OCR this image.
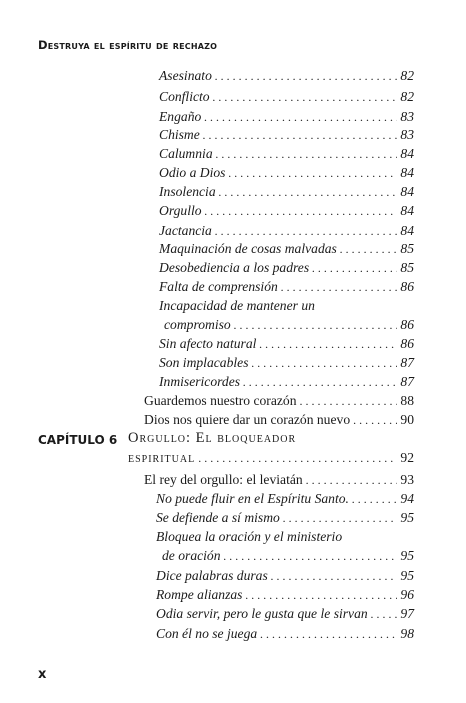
Destruya el espíritu de rechazo
Asesinato . . .	82
Conflicto . . .	82
Engaño . . .	83
Chisme . . .	83
Calumnia . . .	84
Odio a Dios . . .	84
Insolencia . . .	84
Orgullo . . .	84
Jactancia . . .	84
Maquinación de cosas malvadas . . .	85
Desobediencia a los padres . . .	85
Falta de comprensión . . .	86
Incapacidad de mantener un
compromiso . . .	86
Sin afecto natural . . .	86
Son implacables . . .	87
Inmisericordes . . .	87
Guardemos nuestro corazón . . .	88
Dios nos quiere dar un corazón nuevo . . .	90
CAPÍTULO 6 Orgullo: El bloqueador
espiritual . . .	92
El rey del orgullo: el leviatán . . .	93
No puede fluir en el Espíritu Santo. . . .	94
Se defiende a sí mismo . . .	95
Bloquea la oración y el ministerio
de oración . . .	95
Dice palabras duras . . .	95
Rompe alianzas . . .	96
Odia servir, pero le gusta que le sirvan . . . 97
Con él no se juega . . .	98
x
